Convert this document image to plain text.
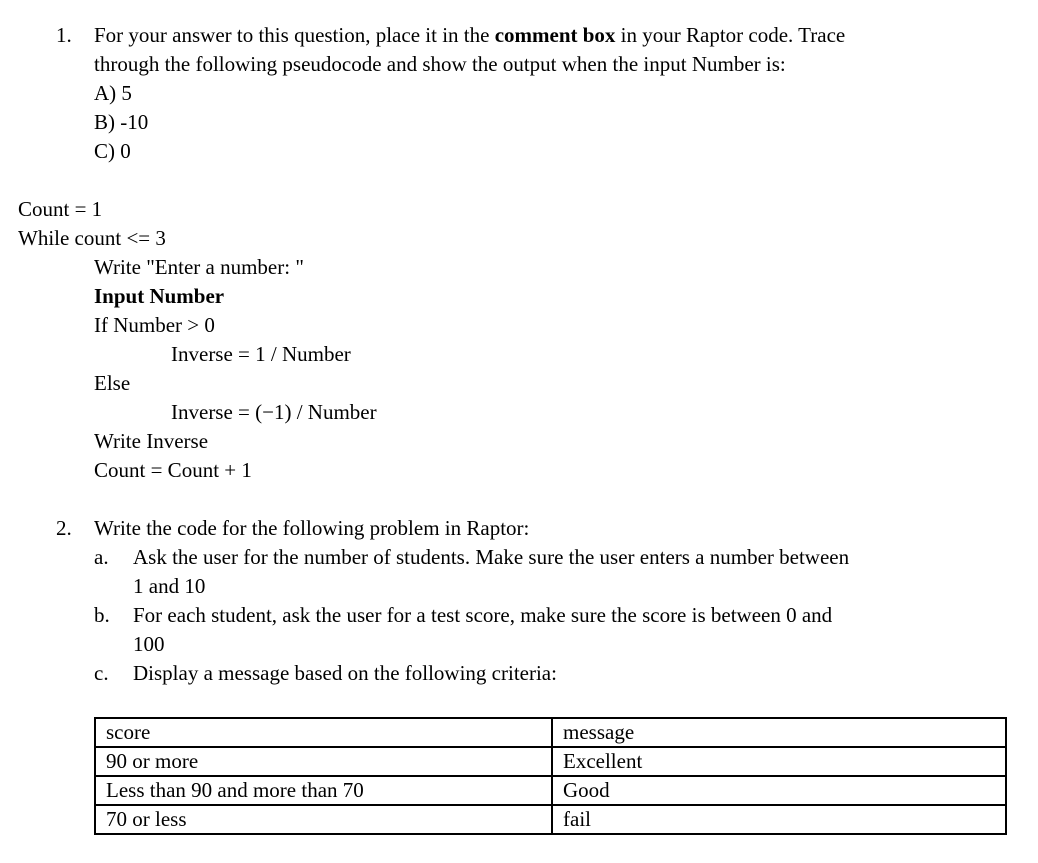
1. For your answer to this question, place it in the comment box in your Raptor code. Trace
through the following pseudocode and show the output when the input Number is:
A) 5
B) -10
C) 0
Count = 1
While count <= 3
Write "Enter a number: "
Input Number
If Number > 0
Inverse = 1 / Number
Else
Inverse = (−1) / Number
Write Inverse
Count = Count + 1
2. Write the code for the following problem in Raptor:
a. Ask the user for the number of students. Make sure the user enters a number between
1 and 10
b. For each student, ask the user for a test score, make sure the score is between 0 and
100
c. Display a message based on the following criteria:
score	message
90 or more	Excellent
Less than 90 and more than 70	Good
70 or less	fail
